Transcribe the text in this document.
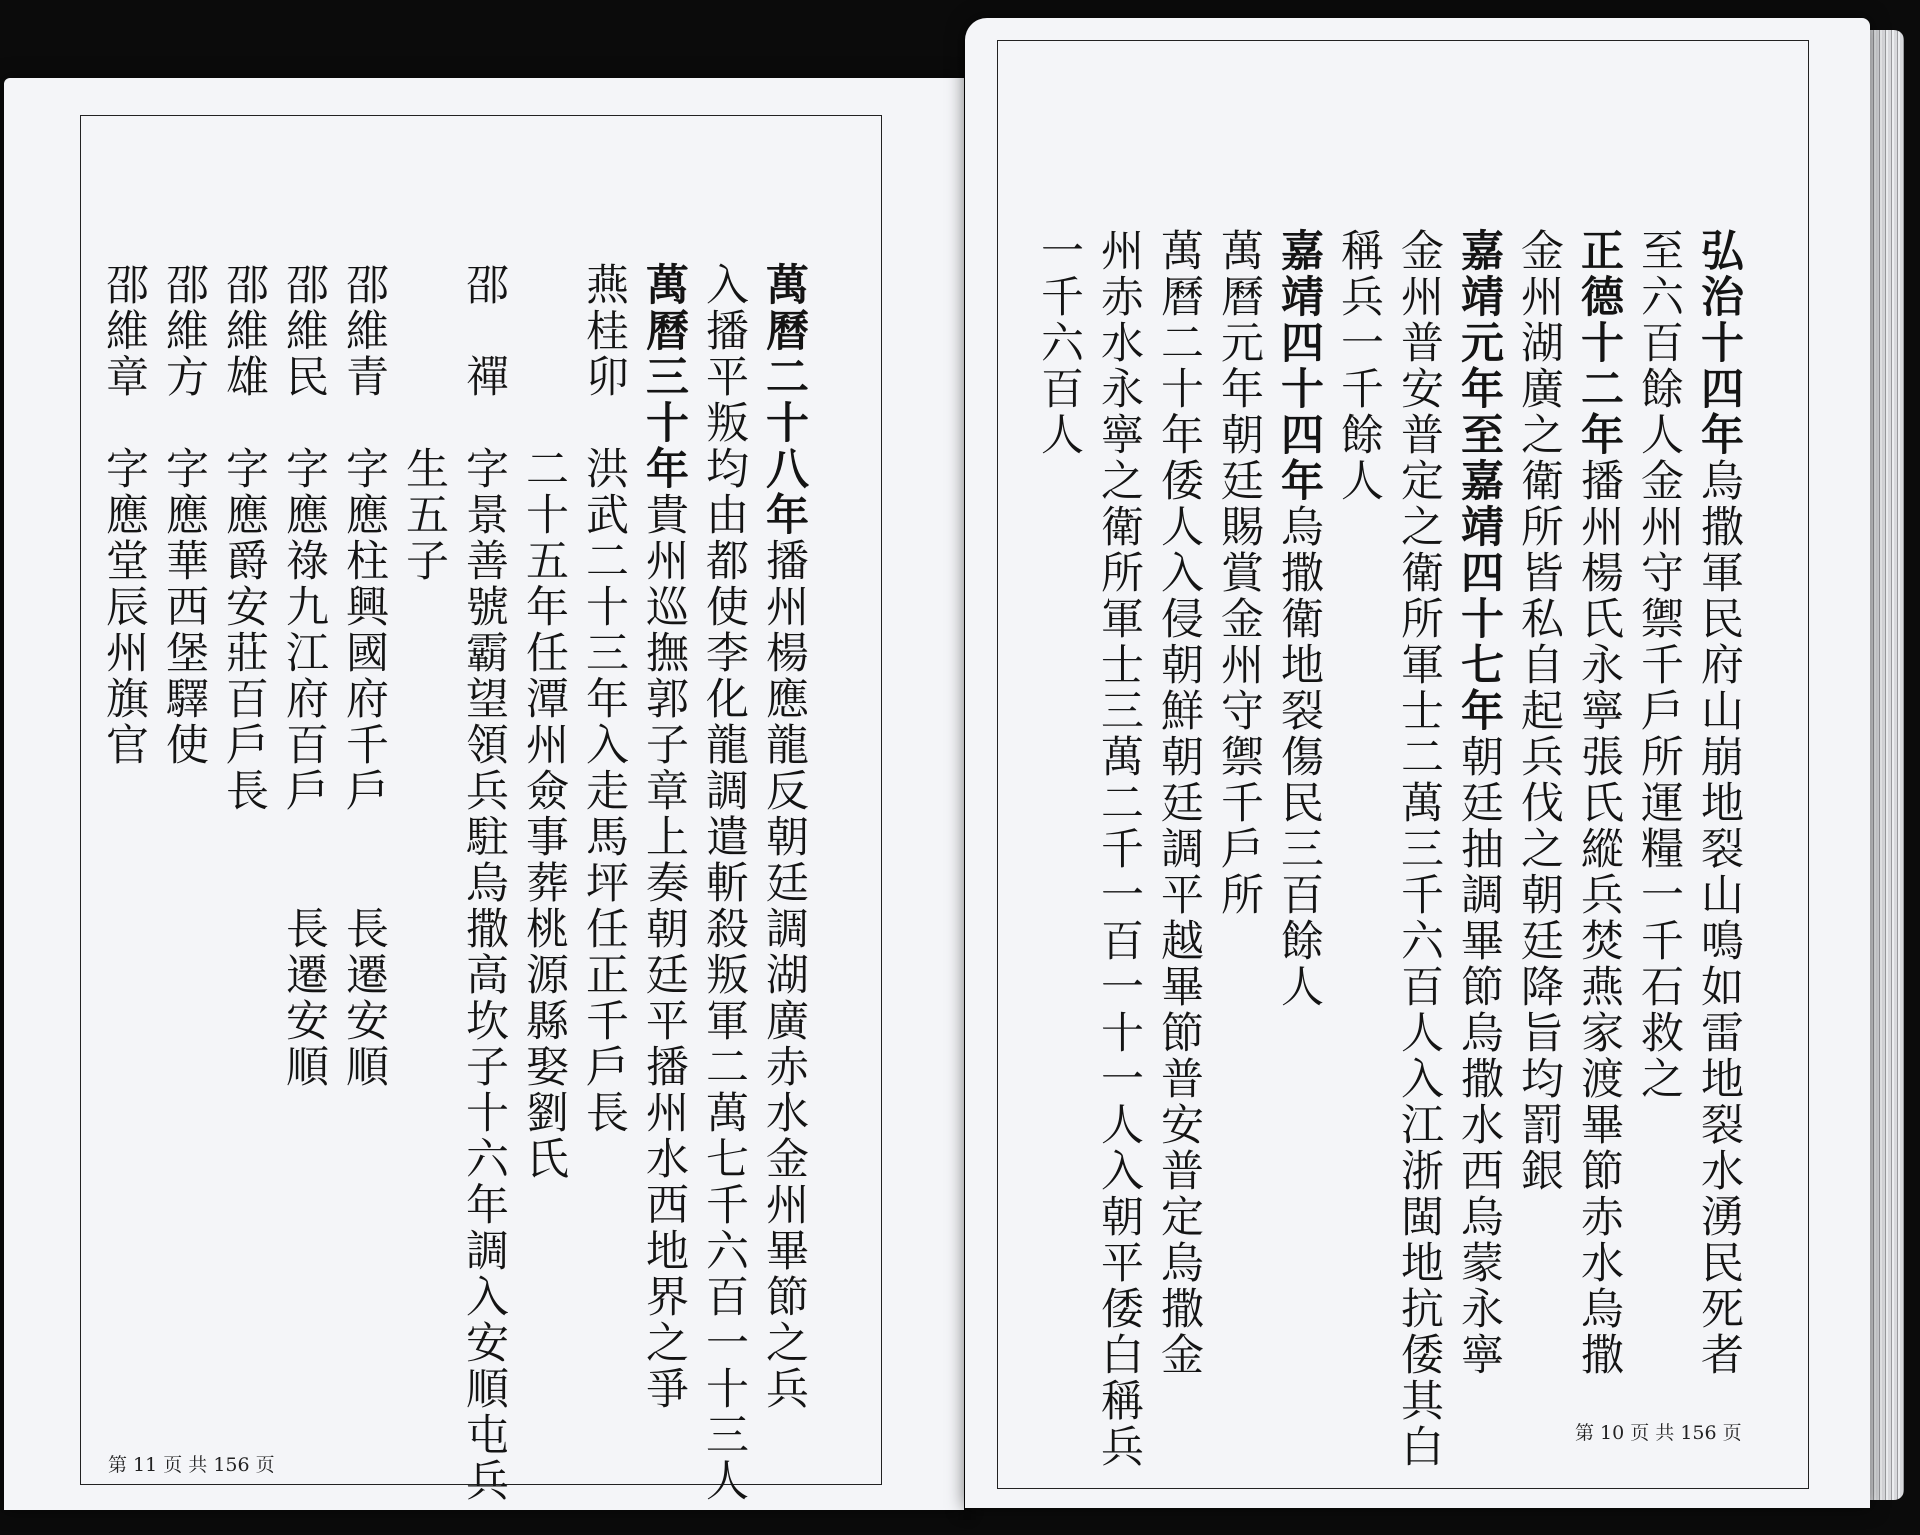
萬曆二十八年播州楊應龍反朝廷調湖廣赤水金州畢節之兵
入播平叛均由都使李化龍調遣斬殺叛軍二萬七千六百一十三人
萬曆三十年貴州巡撫郭子章上奏朝廷平播州水西地界之爭
燕桂卯　洪武二十三年入走馬坪任正千戶長
　　　　二十五年任潭州僉事葬桃源縣娶劉氏
邵　禪　字景善號霸望領兵駐烏撒高坎子十六年調入安順屯兵
　　　　生五子
邵維青　字應柱興國府千戶　　長遷安順
邵維民　字應祿九江府百戶　　長遷安順
邵維雄　字應爵安莊百戶長
邵維方　字應華西堡驛使
邵維章　字應堂辰州旗官
第 11 页 共 156 页
弘治十四年烏撒軍民府山崩地裂山鳴如雷地裂水湧民死者
至六百餘人金州守禦千戶所運糧一千石救之
正德十二年播州楊氏永寧張氏縱兵焚燕家渡畢節赤水烏撒
金州湖廣之衛所皆私自起兵伐之朝廷降旨均罰銀
嘉靖元年至嘉靖四十七年朝廷抽調畢節烏撒水西烏蒙永寧
金州普安普定之衛所軍士二萬三千六百人入江浙閩地抗倭其白
稱兵一千餘人
嘉靖四十四年烏撒衛地裂傷民三百餘人
萬曆元年朝廷賜賞金州守禦千戶所
萬曆二十年倭人入侵朝鮮朝廷調平越畢節普安普定烏撒金
州赤水永寧之衛所軍士三萬二千一百一十一人入朝平倭白稱兵
一千六百人
第 10 页 共 156 页
